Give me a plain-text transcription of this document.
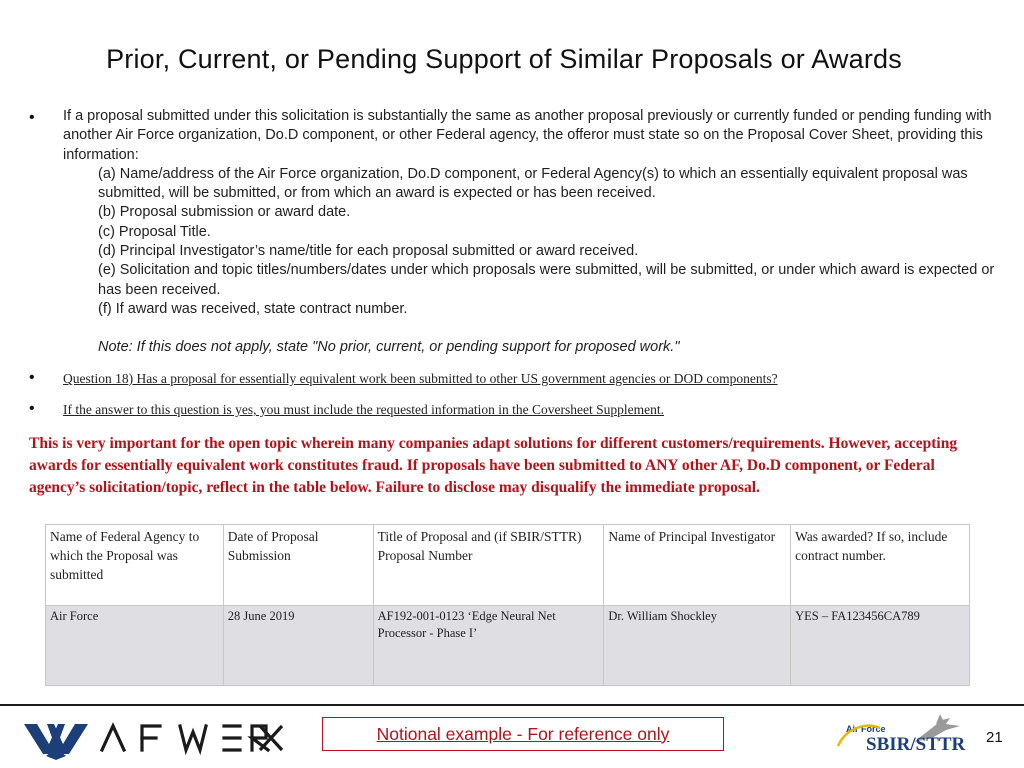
Prior, Current, or Pending Support of Similar Proposals or Awards
• If a proposal submitted under this solicitation is substantially the same as another proposal previously or currently funded or pending funding with another Air Force organization, Do.D component, or other Federal agency, the offeror must state so on the Proposal Cover Sheet, providing this information:
(a) Name/address of the Air Force organization, Do.D component, or Federal Agency(s) to which an essentially equivalent proposal was submitted, will be submitted, or from which an award is expected or has been received.
(b) Proposal submission or award date.
(c) Proposal Title.
(d) Principal Investigator’s name/title for each proposal submitted or award received.
(e) Solicitation and topic titles/numbers/dates under which proposals were submitted, will be submitted, or under which award is expected or has been received.
(f) If award was received, state contract number.
Note: If this does not apply, state "No prior, current, or pending support for proposed work."
• Question 18) Has a proposal for essentially equivalent work been submitted to other US government agencies or DOD components?
• If the answer to this question is yes, you must include the requested information in the Coversheet Supplement.
This is very important for the open topic wherein many companies adapt solutions for different customers/requirements. However, accepting awards for essentially equivalent work constitutes fraud. If proposals have been submitted to ANY other AF, Do.D component, or Federal agency’s solicitation/topic, reflect in the table below. Failure to disclose may disqualify the immediate proposal.
Name of Federal Agency to which the Proposal was submitted	Date of Proposal Submission	Title of Proposal and (if SBIR/STTR) Proposal Number	Name of Principal Investigator	Was awarded? If so, include contract number.
Air Force	28 June 2019	AF192-001-0123 ‘Edge Neural Net Processor - Phase I’	Dr. William Shockley	YES – FA123456CA789
Notional example - For reference only	Air Force
SBIR/STTR 21
